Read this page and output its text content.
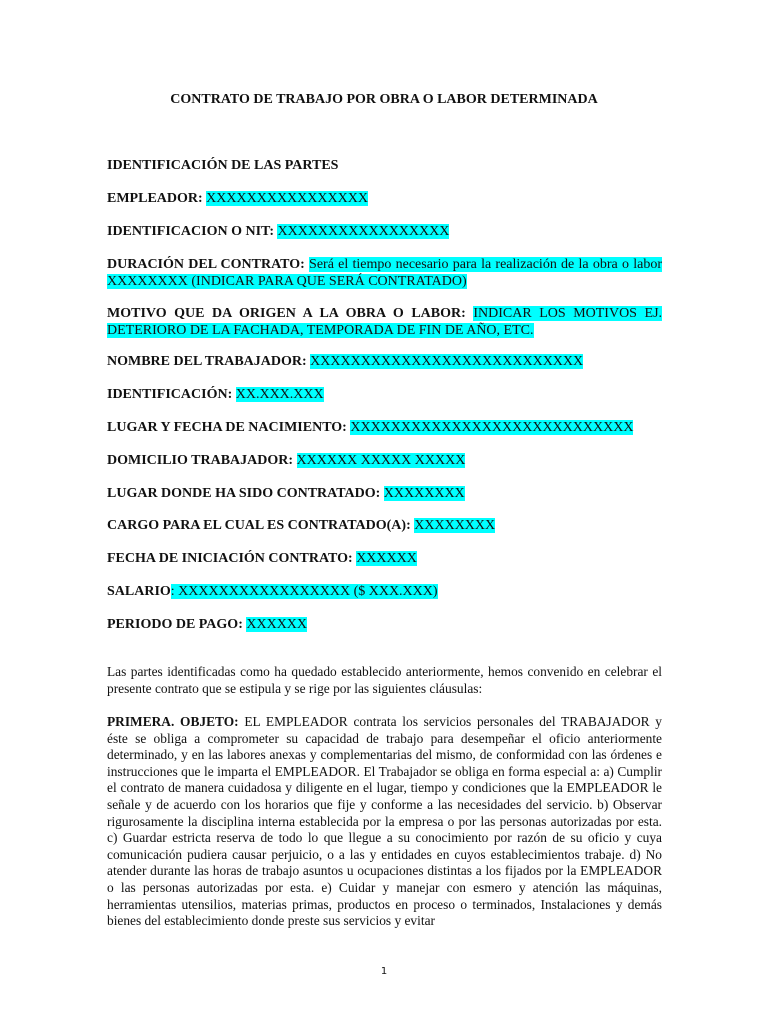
CONTRATO DE TRABAJO POR OBRA O LABOR DETERMINADA
IDENTIFICACIÓN DE LAS PARTES
EMPLEADOR: XXXXXXXXXXXXXXXX
IDENTIFICACION O NIT: XXXXXXXXXXXXXXXXX
DURACIÓN DEL CONTRATO: Será el tiempo necesario para la realización de la obra o labor
XXXXXXXX (INDICAR PARA QUE SERÁ CONTRATADO)
MOTIVO QUE DA ORIGEN A LA OBRA O LABOR: INDICAR LOS MOTIVOS EJ.
DETERIORO DE LA FACHADA, TEMPORADA DE FIN DE AÑO, ETC.
NOMBRE DEL TRABAJADOR: XXXXXXXXXXXXXXXXXXXXXXXXXXX
IDENTIFICACIÓN: XX.XXX.XXX
LUGAR Y FECHA DE NACIMIENTO: XXXXXXXXXXXXXXXXXXXXXXXXXXXX
DOMICILIO TRABAJADOR: XXXXXX XXXXX XXXXX
LUGAR DONDE HA SIDO CONTRATADO: XXXXXXXX
CARGO PARA EL CUAL ES CONTRATADO(A): XXXXXXXX
FECHA DE INICIACIÓN CONTRATO: XXXXXX
SALARIO: XXXXXXXXXXXXXXXXX ($ XXX.XXX)
PERIODO DE PAGO: XXXXXX
Las partes identificadas como ha quedado establecido anteriormente, hemos convenido en celebrar el presente contrato que se estipula y se rige por las siguientes cláusulas:
PRIMERA. OBJETO: EL EMPLEADOR contrata los servicios personales del TRABAJADOR y éste se obliga a comprometer su capacidad de trabajo para desempeñar el oficio anteriormente determinado, y en las labores anexas y complementarias del mismo, de conformidad con las órdenes e instrucciones que le imparta el EMPLEADOR. El Trabajador se obliga en forma especial a: a) Cumplir el contrato de manera cuidadosa y diligente en el lugar, tiempo y condiciones que la EMPLEADOR le señale y de acuerdo con los horarios que fije y conforme a las necesidades del servicio. b) Observar rigurosamente la disciplina interna establecida por la empresa o por las personas autorizadas por esta. c) Guardar estricta reserva de todo lo que llegue a su conocimiento por razón de su oficio y cuya comunicación pudiera causar perjuicio, o a las y entidades en cuyos establecimientos trabaje. d) No atender durante las horas de trabajo asuntos u ocupaciones distintas a los fijados por la EMPLEADOR o las personas autorizadas por esta. e) Cuidar y manejar con esmero y atención las máquinas, herramientas utensilios, materias primas, productos en proceso o terminados, Instalaciones y demás bienes del establecimiento donde preste sus servicios y evitar
1
